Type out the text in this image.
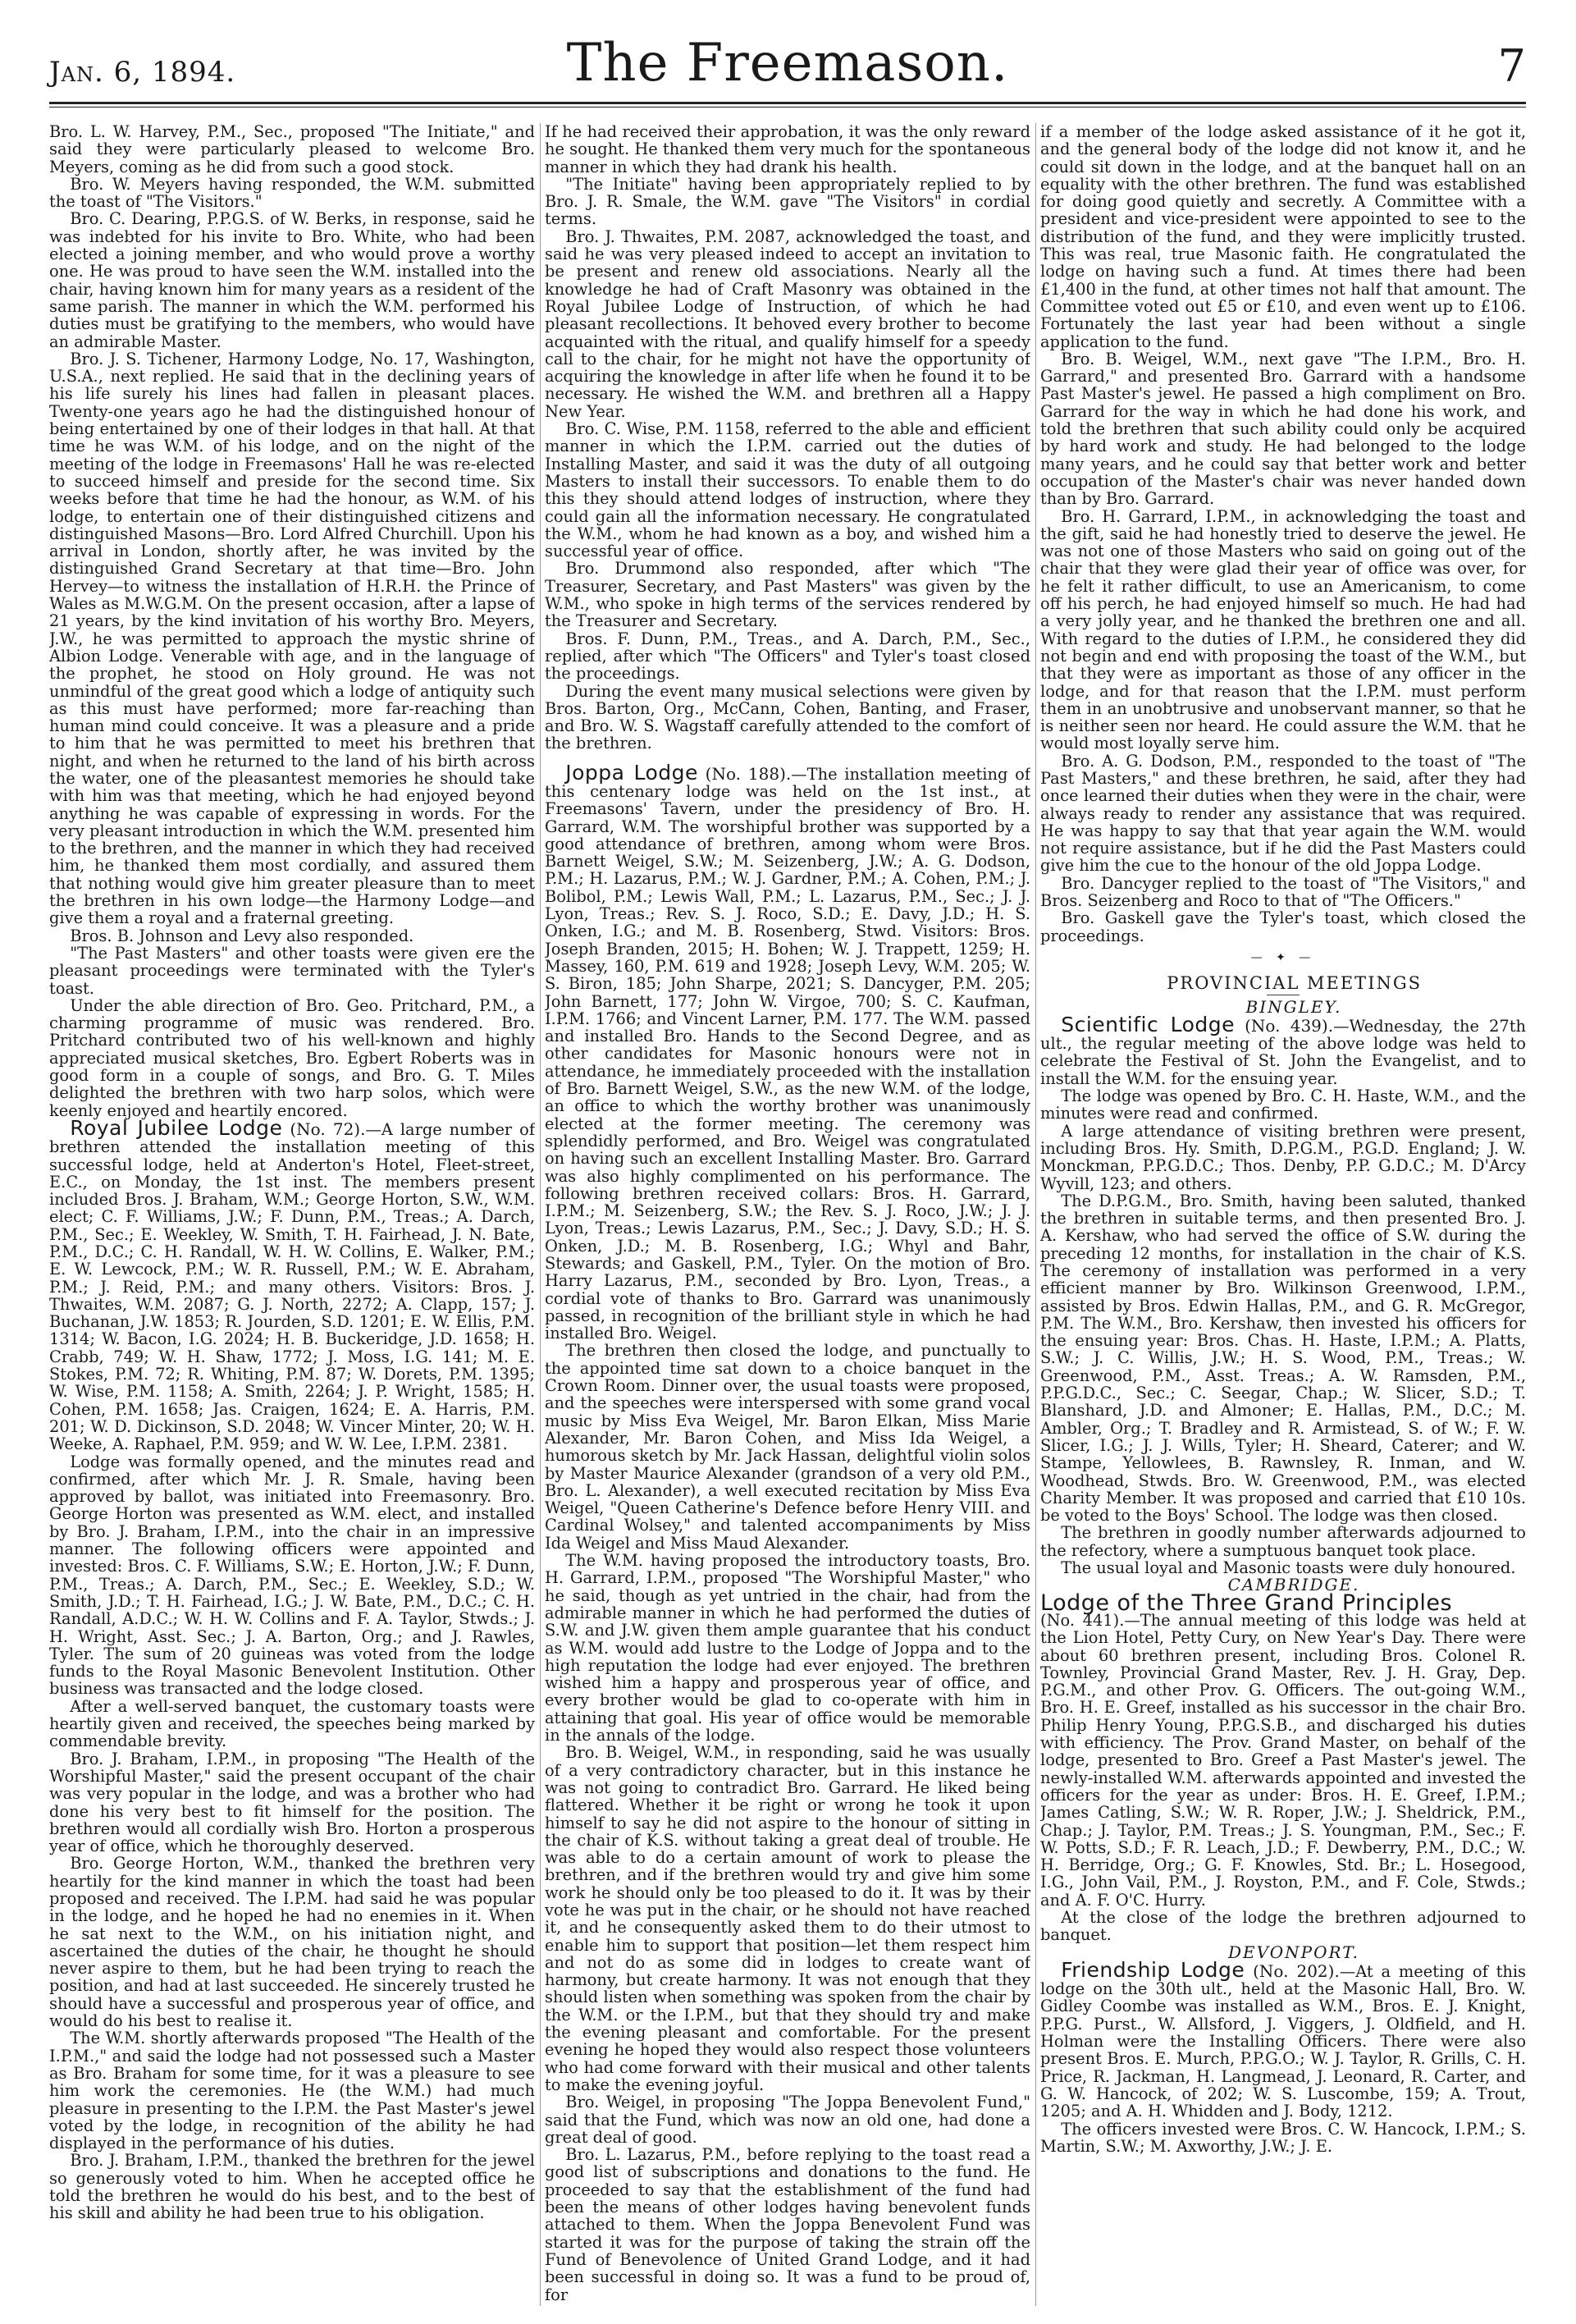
Jan. 6, 1894.	The Freemason.	7

Bro. L. W. Harvey, P.M., Sec., proposed "The Initiate," and said they were particularly pleased to welcome Bro. Meyers, coming as he did from such a good stock.

Bro. W. Meyers having responded, the W.M. submitted the toast of "The Visitors."

Bro. C. Dearing, P.P.G.S. of W. Berks, in response, said he was indebted for his invite to Bro. White, who had been elected a joining member, and who would prove a worthy one. He was proud to have seen the W.M. installed into the chair, having known him for many years as a resident of the same parish. The manner in which the W.M. performed his duties must be gratifying to the members, who would have an admirable Master.

Bro. J. S. Tichener, Harmony Lodge, No. 17, Washington, U.S.A., next replied. He said that in the declining years of his life surely his lines had fallen in pleasant places. Twenty-one years ago he had the distinguished honour of being entertained by one of their lodges in that hall. At that time he was W.M. of his lodge, and on the night of the meeting of the lodge in Freemasons' Hall he was re-elected to succeed himself and preside for the second time. Six weeks before that time he had the honour, as W.M. of his lodge, to entertain one of their distinguished citizens and distinguished Masons—Bro. Lord Alfred Churchill. Upon his arrival in London, shortly after, he was invited by the distinguished Grand Secretary at that time—Bro. John Hervey—to witness the installation of H.R.H. the Prince of Wales as M.W.G.M. On the present occasion, after a lapse of 21 years, by the kind invitation of his worthy Bro. Meyers, J.W., he was permitted to approach the mystic shrine of Albion Lodge. Venerable with age, and in the language of the prophet, he stood on Holy ground. He was not unmindful of the great good which a lodge of antiquity such as this must have performed; more far-reaching than human mind could conceive. It was a pleasure and a pride to him that he was permitted to meet his brethren that night, and when he returned to the land of his birth across the water, one of the pleasantest memories he should take with him was that meeting, which he had enjoyed beyond anything he was capable of expressing in words. For the very pleasant introduction in which the W.M. presented him to the brethren, and the manner in which they had received him, he thanked them most cordially, and assured them that nothing would give him greater pleasure than to meet the brethren in his own lodge—the Harmony Lodge—and give them a royal and a fraternal greeting.

Bros. B. Johnson and Levy also responded.

"The Past Masters" and other toasts were given ere the pleasant proceedings were terminated with the Tyler's toast.

Under the able direction of Bro. Geo. Pritchard, P.M., a charming programme of music was rendered. Bro. Pritchard contributed two of his well-known and highly appreciated musical sketches, Bro. Egbert Roberts was in good form in a couple of songs, and Bro. G. T. Miles delighted the brethren with two harp solos, which were keenly enjoyed and heartily encored.

Royal Jubilee Lodge (No. 72).—A large number of brethren attended the installation meeting of this successful lodge, held at Anderton's Hotel, Fleet-street, E.C., on Monday, the 1st inst. The members present included Bros. J. Braham, W.M.; George Horton, S.W., W.M. elect; C. F. Williams, J.W.; F. Dunn, P.M., Treas.; A. Darch, P.M., Sec.; E. Weekley, W. Smith, T. H. Fairhead, J. N. Bate, P.M., D.C.; C. H. Randall, W. H. W. Collins, E. Walker, P.M.; E. W. Lewcock, P.M.; W. R. Russell, P.M.; W. E. Abraham, P.M.; J. Reid, P.M.; and many others. Visitors: Bros. J. Thwaites, W.M. 2087; G. J. North, 2272; A. Clapp, 157; J. Buchanan, J.W. 1853; R. Jourden, S.D. 1201; E. W. Ellis, P.M. 1314; W. Bacon, I.G. 2024; H. B. Buckeridge, J.D. 1658; H. Crabb, 749; W. H. Shaw, 1772; J. Moss, I.G. 141; M. E. Stokes, P.M. 72; R. Whiting, P.M. 87; W. Dorets, P.M. 1395; W. Wise, P.M. 1158; A. Smith, 2264; J. P. Wright, 1585; H. Cohen, P.M. 1658; Jas. Craigen, 1624; E. A. Harris, P.M. 201; W. D. Dickinson, S.D. 2048; W. Vincer Minter, 20; W. H. Weeke, A. Raphael, P.M. 959; and W. W. Lee, I.P.M. 2381.

Lodge was formally opened, and the minutes read and confirmed, after which Mr. J. R. Smale, having been approved by ballot, was initiated into Freemasonry. Bro. George Horton was presented as W.M. elect, and installed by Bro. J. Braham, I.P.M., into the chair in an impressive manner. The following officers were appointed and invested: Bros. C. F. Williams, S.W.; E. Horton, J.W.; F. Dunn, P.M., Treas.; A. Darch, P.M., Sec.; E. Weekley, S.D.; W. Smith, J.D.; T. H. Fairhead, I.G.; J. W. Bate, P.M., D.C.; C. H. Randall, A.D.C.; W. H. W. Collins and F. A. Taylor, Stwds.; J. H. Wright, Asst. Sec.; J. A. Barton, Org.; and J. Rawles, Tyler. The sum of 20 guineas was voted from the lodge funds to the Royal Masonic Benevolent Institution. Other business was transacted and the lodge closed.

After a well-served banquet, the customary toasts were heartily given and received, the speeches being marked by commendable brevity.

Bro. J. Braham, I.P.M., in proposing "The Health of the Worshipful Master," said the present occupant of the chair was very popular in the lodge, and was a brother who had done his very best to fit himself for the position. The brethren would all cordially wish Bro. Horton a prosperous year of office, which he thoroughly deserved.

Bro. George Horton, W.M., thanked the brethren very heartily for the kind manner in which the toast had been proposed and received. The I.P.M. had said he was popular in the lodge, and he hoped he had no enemies in it. When he sat next to the W.M., on his initiation night, and ascertained the duties of the chair, he thought he should never aspire to them, but he had been trying to reach the position, and had at last succeeded. He sincerely trusted he should have a successful and prosperous year of office, and would do his best to realise it.

The W.M. shortly afterwards proposed "The Health of the I.P.M.," and said the lodge had not possessed such a Master as Bro. Braham for some time, for it was a pleasure to see him work the ceremonies. He (the W.M.) had much pleasure in presenting to the I.P.M. the Past Master's jewel voted by the lodge, in recognition of the ability he had displayed in the performance of his duties.

Bro. J. Braham, I.P.M., thanked the brethren for the jewel so generously voted to him. When he accepted office he told the brethren he would do his best, and to the best of his skill and ability he had been true to his obligation.

If he had received their approbation, it was the only reward he sought. He thanked them very much for the spontaneous manner in which they had drank his health.

"The Initiate" having been appropriately replied to by Bro. J. R. Smale, the W.M. gave "The Visitors" in cordial terms.

Bro. J. Thwaites, P.M. 2087, acknowledged the toast, and said he was very pleased indeed to accept an invitation to be present and renew old associations. Nearly all the knowledge he had of Craft Masonry was obtained in the Royal Jubilee Lodge of Instruction, of which he had pleasant recollections. It behoved every brother to become acquainted with the ritual, and qualify himself for a speedy call to the chair, for he might not have the opportunity of acquiring the knowledge in after life when he found it to be necessary. He wished the W.M. and brethren all a Happy New Year.

Bro. C. Wise, P.M. 1158, referred to the able and efficient manner in which the I.P.M. carried out the duties of Installing Master, and said it was the duty of all outgoing Masters to install their successors. To enable them to do this they should attend lodges of instruction, where they could gain all the information necessary. He congratulated the W.M., whom he had known as a boy, and wished him a successful year of office.

Bro. Drummond also responded, after which "The Treasurer, Secretary, and Past Masters" was given by the W.M., who spoke in high terms of the services rendered by the Treasurer and Secretary.

Bros. F. Dunn, P.M., Treas., and A. Darch, P.M., Sec., replied, after which "The Officers" and Tyler's toast closed the proceedings.

During the event many musical selections were given by Bros. Barton, Org., McCann, Cohen, Banting, and Fraser, and Bro. W. S. Wagstaff carefully attended to the comfort of the brethren.

Joppa Lodge (No. 188).—The installation meeting of this centenary lodge was held on the 1st inst., at Freemasons' Tavern, under the presidency of Bro. H. Garrard, W.M. The worshipful brother was supported by a good attendance of brethren, among whom were Bros. Barnett Weigel, S.W.; M. Seizenberg, J.W.; A. G. Dodson, P.M.; H. Lazarus, P.M.; W. J. Gardner, P.M.; A. Cohen, P.M.; J. Bolibol, P.M.; Lewis Wall, P.M.; L. Lazarus, P.M., Sec.; J. J. Lyon, Treas.; Rev. S. J. Roco, S.D.; E. Davy, J.D.; H. S. Onken, I.G.; and M. B. Rosenberg, Stwd. Visitors: Bros. Joseph Branden, 2015; H. Bohen; W. J. Trappett, 1259; H. Massey, 160, P.M. 619 and 1928; Joseph Levy, W.M. 205; W. S. Biron, 185; John Sharpe, 2021; S. Dancyger, P.M. 205; John Barnett, 177; John W. Virgoe, 700; S. C. Kaufman, I.P.M. 1766; and Vincent Larner, P.M. 177. The W.M. passed and installed Bro. Hands to the Second Degree, and as other candidates for Masonic honours were not in attendance, he immediately proceeded with the installation of Bro. Barnett Weigel, S.W., as the new W.M. of the lodge, an office to which the worthy brother was unanimously elected at the former meeting. The ceremony was splendidly performed, and Bro. Weigel was congratulated on having such an excellent Installing Master. Bro. Garrard was also highly complimented on his performance. The following brethren received collars: Bros. H. Garrard, I.P.M.; M. Seizenberg, S.W.; the Rev. S. J. Roco, J.W.; J. J. Lyon, Treas.; Lewis Lazarus, P.M., Sec.; J. Davy, S.D.; H. S. Onken, J.D.; M. B. Rosenberg, I.G.; Whyl and Bahr, Stewards; and Gaskell, P.M., Tyler. On the motion of Bro. Harry Lazarus, P.M., seconded by Bro. Lyon, Treas., a cordial vote of thanks to Bro. Garrard was unanimously passed, in recognition of the brilliant style in which he had installed Bro. Weigel.

The brethren then closed the lodge, and punctually to the appointed time sat down to a choice banquet in the Crown Room. Dinner over, the usual toasts were proposed, and the speeches were interspersed with some grand vocal music by Miss Eva Weigel, Mr. Baron Elkan, Miss Marie Alexander, Mr. Baron Cohen, and Miss Ida Weigel, a humorous sketch by Mr. Jack Hassan, delightful violin solos by Master Maurice Alexander (grandson of a very old P.M., Bro. L. Alexander), a well executed recitation by Miss Eva Weigel, "Queen Catherine's Defence before Henry VIII. and Cardinal Wolsey," and talented accompaniments by Miss Ida Weigel and Miss Maud Alexander.

The W.M. having proposed the introductory toasts, Bro. H. Garrard, I.P.M., proposed "The Worshipful Master," who he said, though as yet untried in the chair, had from the admirable manner in which he had performed the duties of S.W. and J.W. given them ample guarantee that his conduct as W.M. would add lustre to the Lodge of Joppa and to the high reputation the lodge had ever enjoyed. The brethren wished him a happy and prosperous year of office, and every brother would be glad to co-operate with him in attaining that goal. His year of office would be memorable in the annals of the lodge.

Bro. B. Weigel, W.M., in responding, said he was usually of a very contradictory character, but in this instance he was not going to contradict Bro. Garrard. He liked being flattered. Whether it be right or wrong he took it upon himself to say he did not aspire to the honour of sitting in the chair of K.S. without taking a great deal of trouble. He was able to do a certain amount of work to please the brethren, and if the brethren would try and give him some work he should only be too pleased to do it. It was by their vote he was put in the chair, or he should not have reached it, and he consequently asked them to do their utmost to enable him to support that position—let them respect him and not do as some did in lodges to create want of harmony, but create harmony. It was not enough that they should listen when something was spoken from the chair by the W.M. or the I.P.M., but that they should try and make the evening pleasant and comfortable. For the present evening he hoped they would also respect those volunteers who had come forward with their musical and other talents to make the evening joyful.

Bro. Weigel, in proposing "The Joppa Benevolent Fund," said that the Fund, which was now an old one, had done a great deal of good.

Bro. L. Lazarus, P.M., before replying to the toast read a good list of subscriptions and donations to the fund. He proceeded to say that the establishment of the fund had been the means of other lodges having benevolent funds attached to them. When the Joppa Benevolent Fund was started it was for the purpose of taking the strain off the Fund of Benevolence of United Grand Lodge, and it had been successful in doing so. It was a fund to be proud of, for

if a member of the lodge asked assistance of it he got it, and the general body of the lodge did not know it, and he could sit down in the lodge, and at the banquet hall on an equality with the other brethren. The fund was established for doing good quietly and secretly. A Committee with a president and vice-president were appointed to see to the distribution of the fund, and they were implicitly trusted. This was real, true Masonic faith. He congratulated the lodge on having such a fund. At times there had been £1,400 in the fund, at other times not half that amount. The Committee voted out £5 or £10, and even went up to £106. Fortunately the last year had been without a single application to the fund.

Bro. B. Weigel, W.M., next gave "The I.P.M., Bro. H. Garrard," and presented Bro. Garrard with a handsome Past Master's jewel. He passed a high compliment on Bro. Garrard for the way in which he had done his work, and told the brethren that such ability could only be acquired by hard work and study. He had belonged to the lodge many years, and he could say that better work and better occupation of the Master's chair was never handed down than by Bro. Garrard.

Bro. H. Garrard, I.P.M., in acknowledging the toast and the gift, said he had honestly tried to deserve the jewel. He was not one of those Masters who said on going out of the chair that they were glad their year of office was over, for he felt it rather difficult, to use an Americanism, to come off his perch, he had enjoyed himself so much. He had had a very jolly year, and he thanked the brethren one and all. With regard to the duties of I.P.M., he considered they did not begin and end with proposing the toast of the W.M., but that they were as important as those of any officer in the lodge, and for that reason that the I.P.M. must perform them in an unobtrusive and unobservant manner, so that he is neither seen nor heard. He could assure the W.M. that he would most loyally serve him.

Bro. A. G. Dodson, P.M., responded to the toast of "The Past Masters," and these brethren, he said, after they had once learned their duties when they were in the chair, were always ready to render any assistance that was required. He was happy to say that that year again the W.M. would not require assistance, but if he did the Past Masters could give him the cue to the honour of the old Joppa Lodge.

Bro. Dancyger replied to the toast of "The Visitors," and Bros. Seizenberg and Roco to that of "The Officers."

Bro. Gaskell gave the Tyler's toast, which closed the proceedings.

— ✦ —

PROVINCIAL MEETINGS

BINGLEY.

Scientific Lodge (No. 439).—Wednesday, the 27th ult., the regular meeting of the above lodge was held to celebrate the Festival of St. John the Evangelist, and to install the W.M. for the ensuing year.

The lodge was opened by Bro. C. H. Haste, W.M., and the minutes were read and confirmed.

A large attendance of visiting brethren were present, including Bros. Hy. Smith, D.P.G.M., P.G.D. England; J. W. Monckman, P.P.G.D.C.; Thos. Denby, P.P. G.D.C.; M. D'Arcy Wyvill, 123; and others.

The D.P.G.M., Bro. Smith, having been saluted, thanked the brethren in suitable terms, and then presented Bro. J. A. Kershaw, who had served the office of S.W. during the preceding 12 months, for installation in the chair of K.S. The ceremony of installation was performed in a very efficient manner by Bro. Wilkinson Greenwood, I.P.M., assisted by Bros. Edwin Hallas, P.M., and G. R. McGregor, P.M. The W.M., Bro. Kershaw, then invested his officers for the ensuing year: Bros. Chas. H. Haste, I.P.M.; A. Platts, S.W.; J. C. Willis, J.W.; H. S. Wood, P.M., Treas.; W. Greenwood, P.M., Asst. Treas.; A. W. Ramsden, P.M., P.P.G.D.C., Sec.; C. Seegar, Chap.; W. Slicer, S.D.; T. Blanshard, J.D. and Almoner; E. Hallas, P.M., D.C.; M. Ambler, Org.; T. Bradley and R. Armistead, S. of W.; F. W. Slicer, I.G.; J. J. Wills, Tyler; H. Sheard, Caterer; and W. Stampe, Yellowlees, B. Rawnsley, R. Inman, and W. Woodhead, Stwds. Bro. W. Greenwood, P.M., was elected Charity Member. It was proposed and carried that £10 10s. be voted to the Boys' School. The lodge was then closed.

The brethren in goodly number afterwards adjourned to the refectory, where a sumptuous banquet took place.

The usual loyal and Masonic toasts were duly honoured.

CAMBRIDGE.

Lodge of the Three Grand Principles
(No. 441).—The annual meeting of this lodge was held at the Lion Hotel, Petty Cury, on New Year's Day. There were about 60 brethren present, including Bros. Colonel R. Townley, Provincial Grand Master, Rev. J. H. Gray, Dep. P.G.M., and other Prov. G. Officers. The out-going W.M., Bro. H. E. Greef, installed as his successor in the chair Bro. Philip Henry Young, P.P.G.S.B., and discharged his duties with efficiency. The Prov. Grand Master, on behalf of the lodge, presented to Bro. Greef a Past Master's jewel. The newly-installed W.M. afterwards appointed and invested the officers for the year as under: Bros. H. E. Greef, I.P.M.; James Catling, S.W.; W. R. Roper, J.W.; J. Sheldrick, P.M., Chap.; J. Taylor, P.M. Treas.; J. S. Youngman, P.M., Sec.; F. W. Potts, S.D.; F. R. Leach, J.D.; F. Dewberry, P.M., D.C.; W. H. Berridge, Org.; G. F. Knowles, Std. Br.; L. Hosegood, I.G., John Vail, P.M., J. Royston, P.M., and F. Cole, Stwds.; and A. F. O'C. Hurry.

At the close of the lodge the brethren adjourned to banquet.

DEVONPORT.

Friendship Lodge (No. 202).—At a meeting of this lodge on the 30th ult., held at the Masonic Hall, Bro. W. Gidley Coombe was installed as W.M., Bros. E. J. Knight, P.P.G. Purst., W. Allsford, J. Viggers, J. Oldfield, and H. Holman were the Installing Officers. There were also present Bros. E. Murch, P.P.G.O.; W. J. Taylor, R. Grills, C. H. Price, R. Jackman, H. Langmead, J. Leonard, R. Carter, and G. W. Hancock, of 202; W. S. Luscombe, 159; A. Trout, 1205; and A. H. Whidden and J. Body, 1212.

The officers invested were Bros. C. W. Hancock, I.P.M.; S. Martin, S.W.; M. Axworthy, J.W.; J. E.
